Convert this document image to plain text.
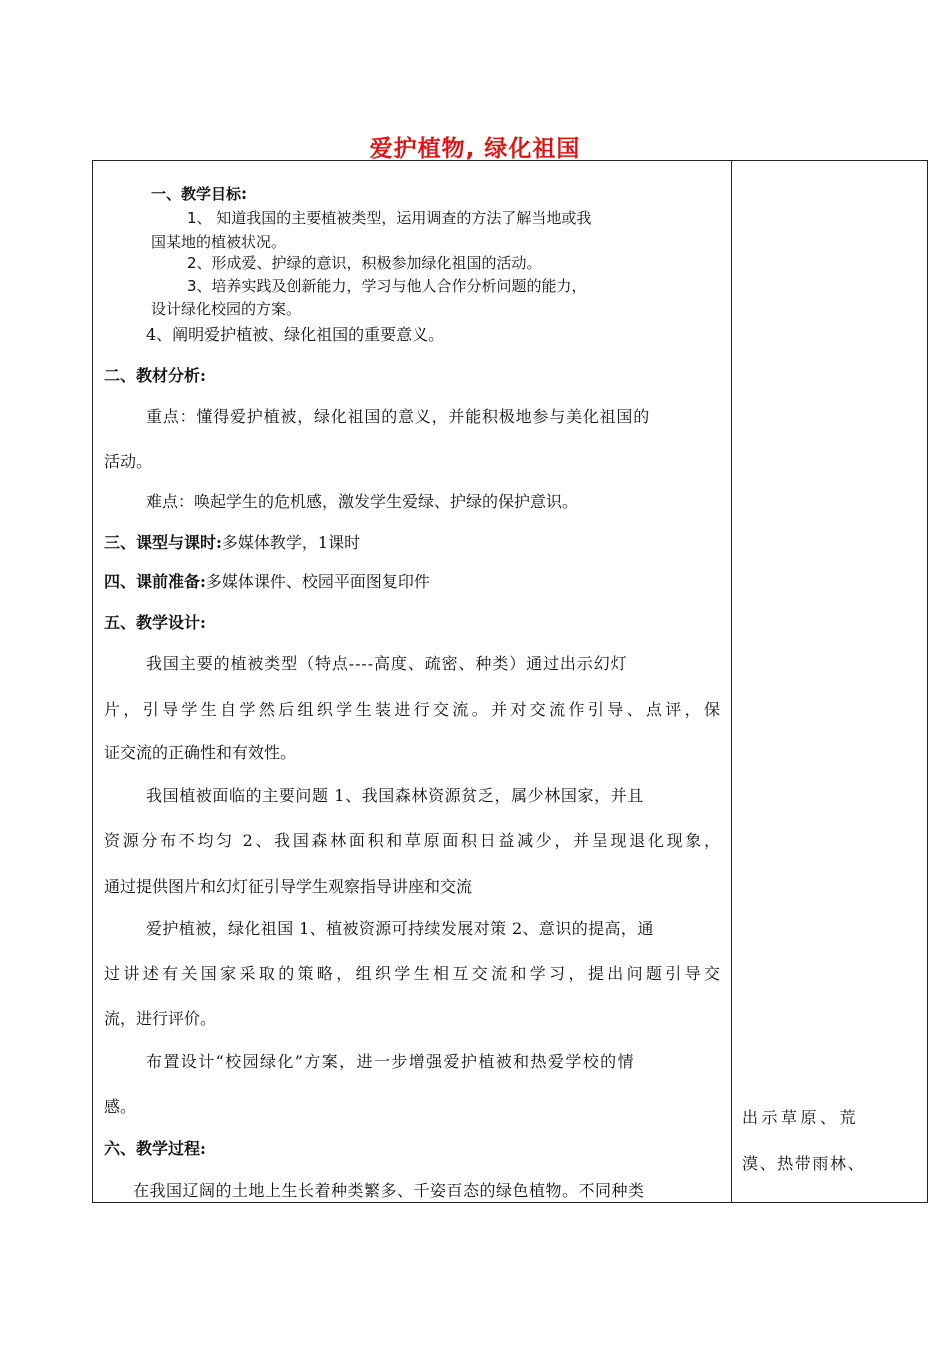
爱护植物, 绿化祖国

一、教学目标:

1、 知道我国的主要植被类型，运用调查的方法了解当地或我

国某地的植被状况。

2、形成爱、护绿的意识，积极参加绿化祖国的活动。

3、培养实践及创新能力，学习与他人合作分析问题的能力，

设计绿化校园的方案。

4、阐明爱护植被、绿化祖国的重要意义。

二、教材分析:

重点：懂得爱护植被，绿化祖国的意义，并能积极地参与美化祖国的

活动。

难点：唤起学生的危机感，激发学生爱绿、护绿的保护意识。

三、课型与课时:多媒体教学，1课时

四、课前准备:多媒体课件、校园平面图复印件

五、教学设计:

我国主要的植被类型（特点----高度、疏密、种类）通过出示幻灯

片，引导学生自学然后组织学生装进行交流。并对交流作引导、点评，保

证交流的正确性和有效性。

我国植被面临的主要问题 1、我国森林资源贫乏，属少林国家，并且

资源分布不均匀 2、我国森林面积和草原面积日益减少，并呈现退化现象，

通过提供图片和幻灯征引导学生观察指导讲座和交流

爱护植被，绿化祖国 1、植被资源可持续发展对策 2、意识的提高，通

过讲述有关国家采取的策略，组织学生相互交流和学习，提出问题引导交

流，进行评价。

布置设计“校园绿化”方案，进一步增强爱护植被和热爱学校的情

感。

六、教学过程:

在我国辽阔的土地上生长着种类繁多、千姿百态的绿色植物。不同种类

出示草原、荒

漠、热带雨林、
